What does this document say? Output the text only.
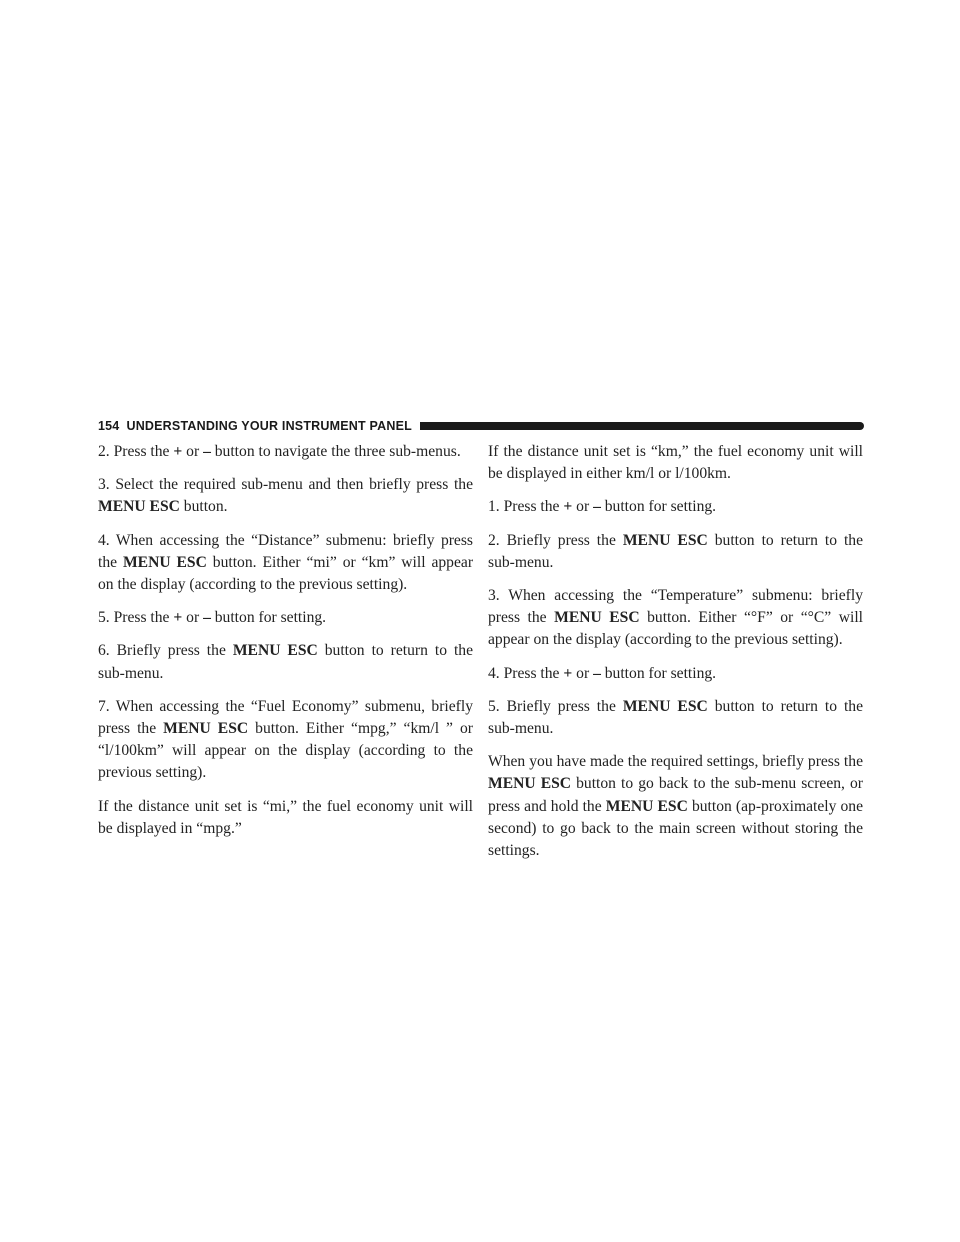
154 UNDERSTANDING YOUR INSTRUMENT PANEL

2. Press the + or – button to navigate the three sub-menus.

3. Select the required sub-menu and then briefly press the MENU ESC button.

4. When accessing the “Distance” submenu: briefly press the MENU ESC button. Either “mi” or “km” will appear on the display (according to the previous setting).

5. Press the + or – button for setting.

6. Briefly press the MENU ESC button to return to the sub-menu.

7. When accessing the “Fuel Economy” submenu, briefly press the MENU ESC button. Either “mpg,” “km/l ” or “l/100km” will appear on the display (according to the previous setting).

If the distance unit set is “mi,” the fuel economy unit will be displayed in “mpg.”

If the distance unit set is “km,” the fuel economy unit will be displayed in either km/l or l/100km.

1. Press the + or – button for setting.

2. Briefly press the MENU ESC button to return to the sub-menu.

3. When accessing the “Temperature” submenu: briefly press the MENU ESC button. Either “°F” or “°C” will appear on the display (according to the previous setting).

4. Press the + or – button for setting.

5. Briefly press the MENU ESC button to return to the sub-menu.

When you have made the required settings, briefly press the MENU ESC button to go back to the sub-menu screen, or press and hold the MENU ESC button (ap-proximately one second) to go back to the main screen without storing the settings.
